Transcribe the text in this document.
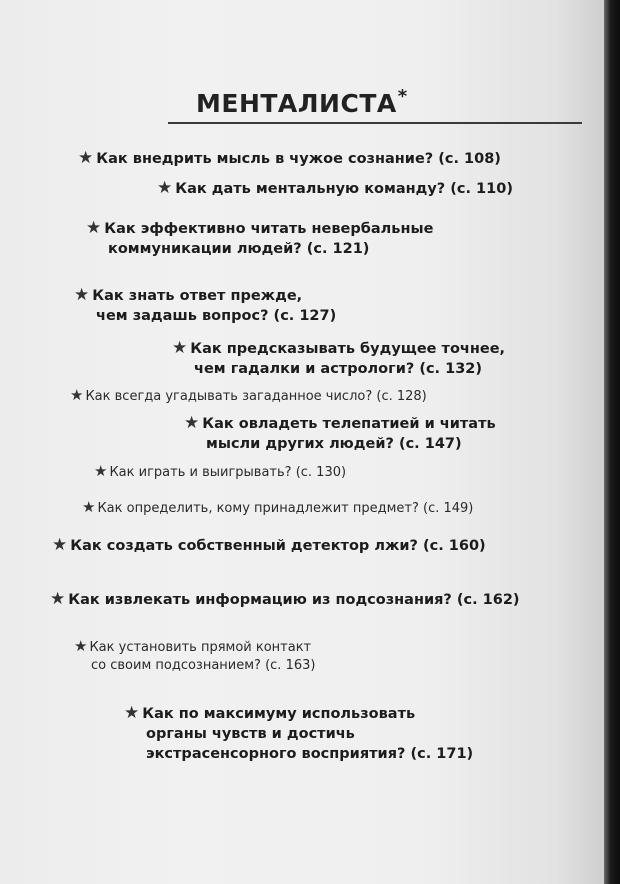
МЕНТАЛИСТА*
★ Как внедрить мысль в чужое сознание? (с. 108)
★ Как дать ментальную команду? (с. 110)
★ Как эффективно читать невербальные
коммуникации людей? (с. 121)
★ Как знать ответ прежде,
чем задашь вопрос? (с. 127)
★ Как предсказывать будущее точнее,
чем гадалки и астрологи? (с. 132)
★ Как всегда угадывать загаданное число? (с. 128)
★ Как овладеть телепатией и читать
мысли других людей? (с. 147)
★ Как играть и выигрывать? (с. 130)
★ Как определить, кому принадлежит предмет? (с. 149)
★ Как создать собственный детектор лжи? (с. 160)
★ Как извлекать информацию из подсознания? (с. 162)
★ Как установить прямой контакт
со своим подсознанием? (с. 163)
★ Как по максимуму использовать
органы чувств и достичь
экстрасенсорного восприятия? (с. 171)
